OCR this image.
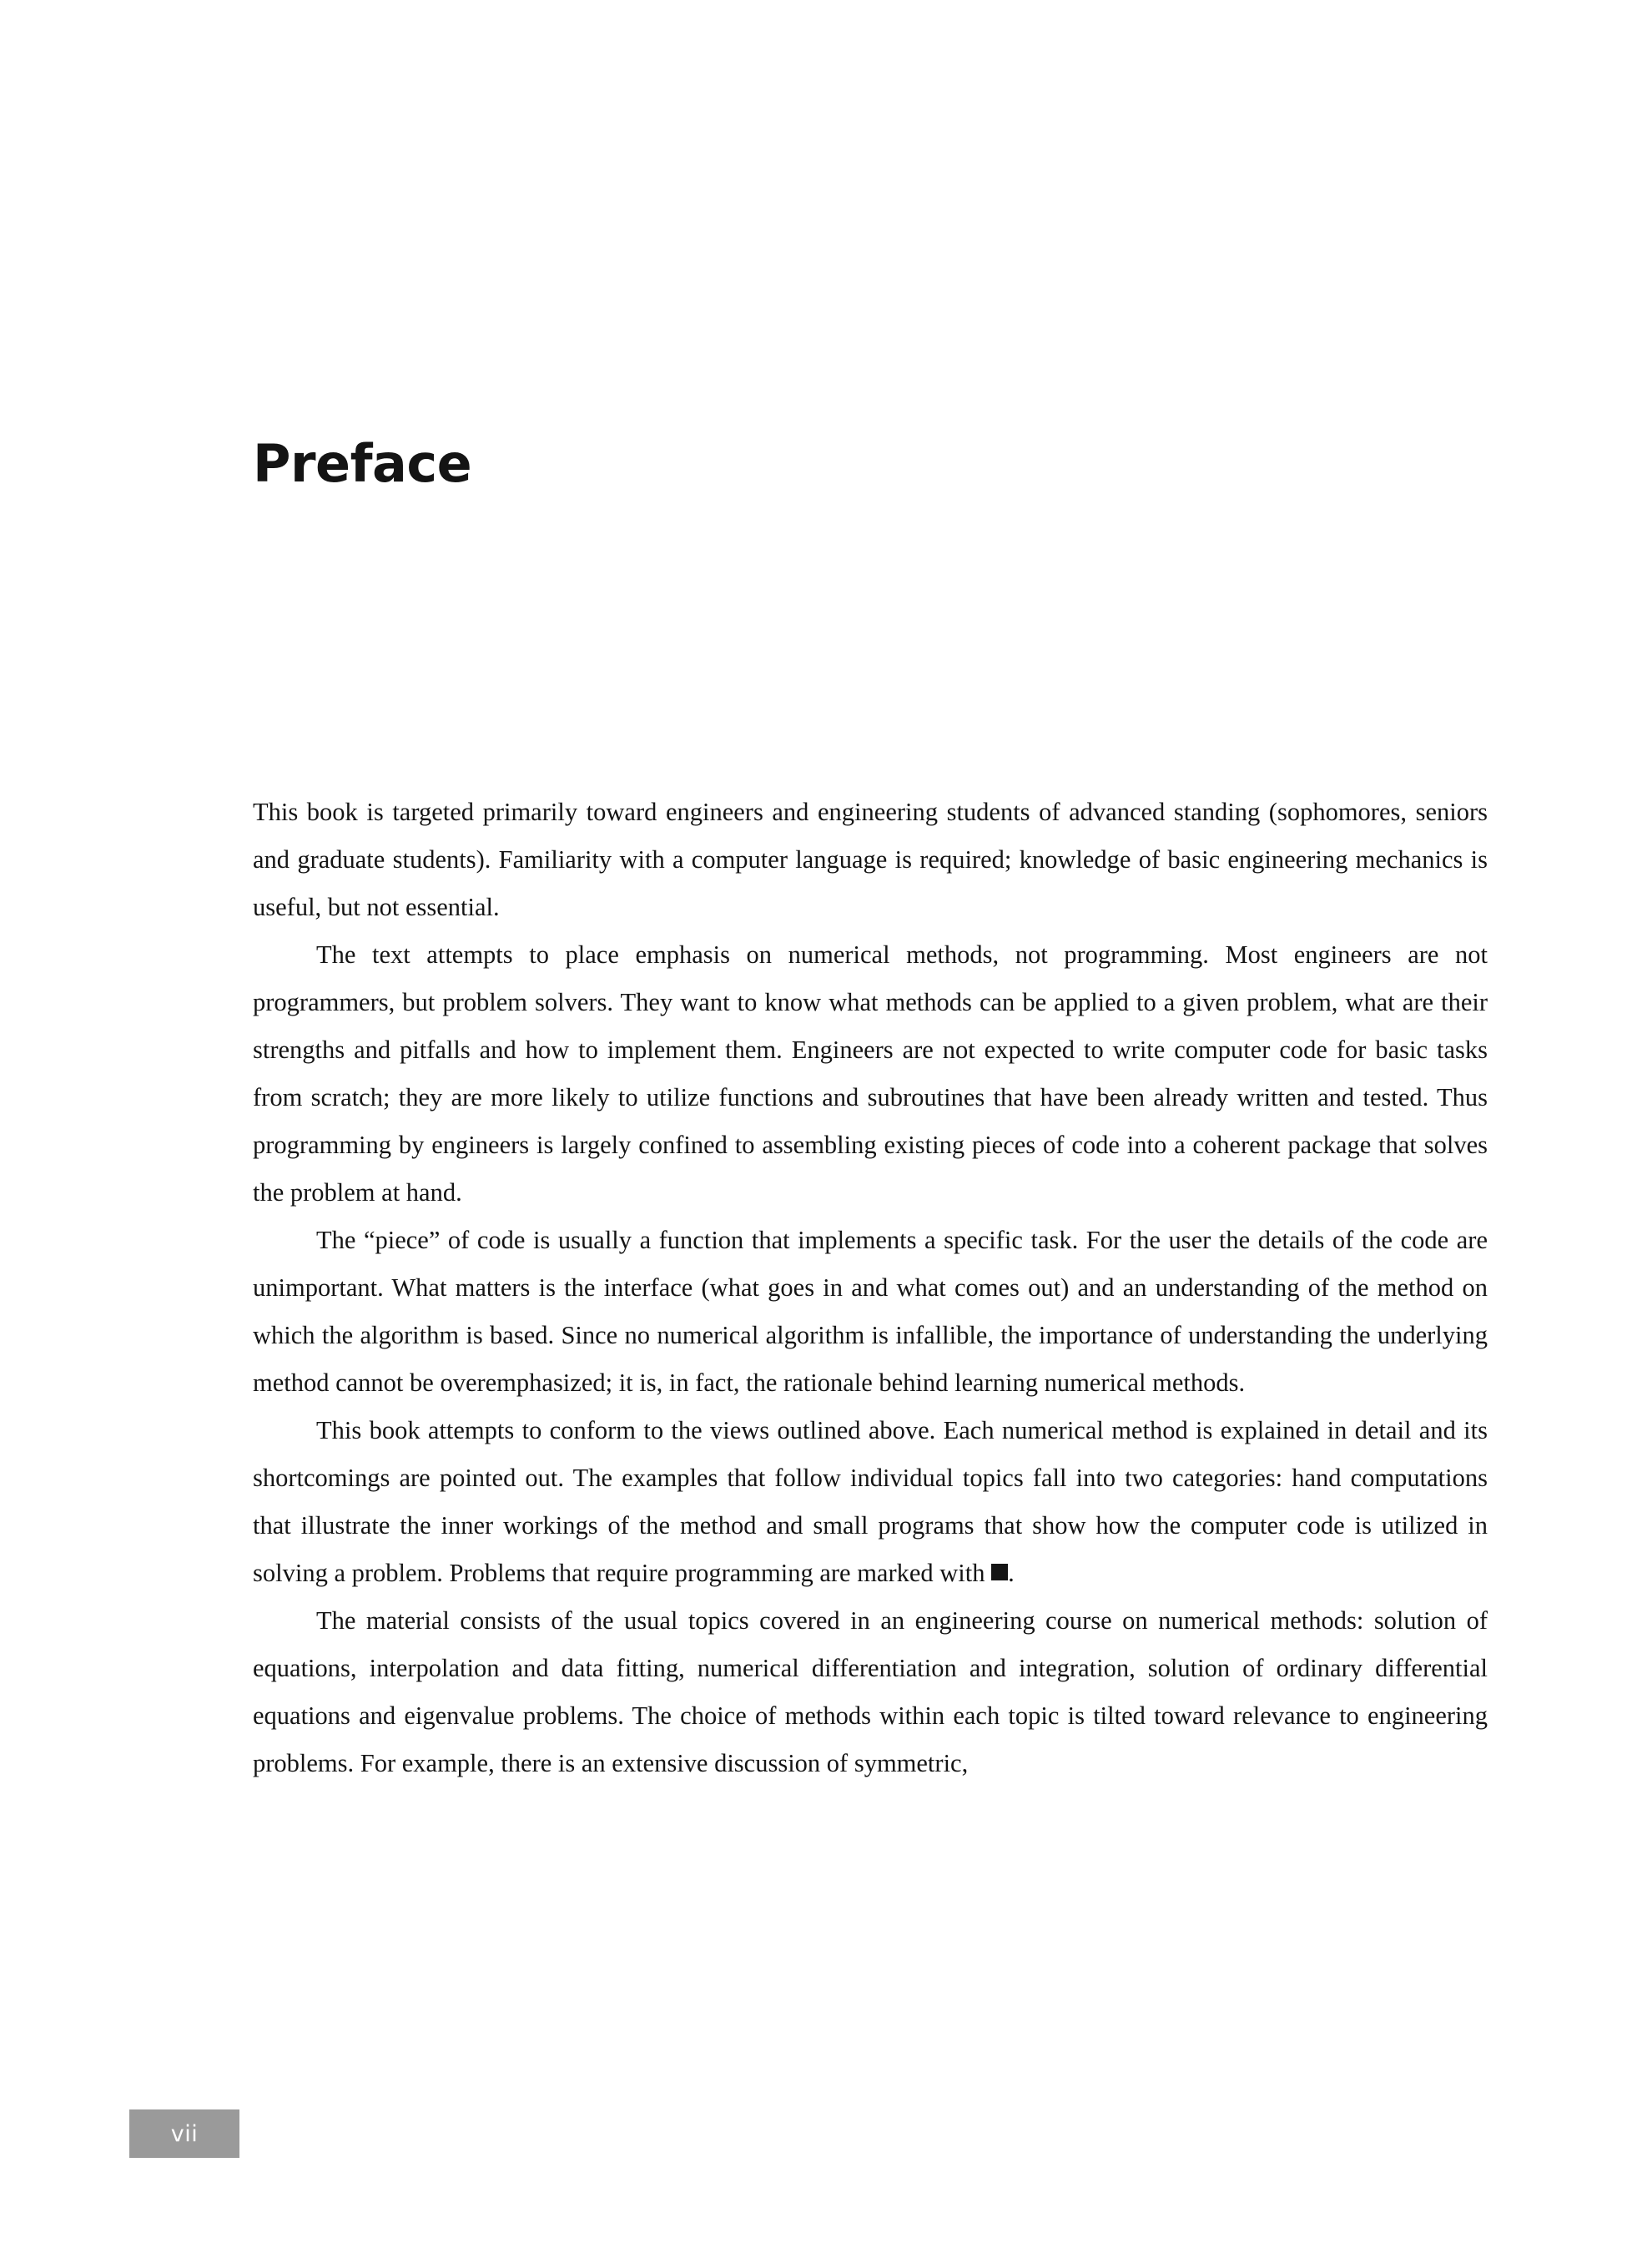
Preface

This book is targeted primarily toward engineers and engineering students of advanced standing (sophomores, seniors and graduate students). Familiarity with a computer language is required; knowledge of basic engineering mechanics is useful, but not essential.

The text attempts to place emphasis on numerical methods, not programming. Most engineers are not programmers, but problem solvers. They want to know what methods can be applied to a given problem, what are their strengths and pitfalls and how to implement them. Engineers are not expected to write computer code for basic tasks from scratch; they are more likely to utilize functions and subroutines that have been already written and tested. Thus programming by engineers is largely confined to assembling existing pieces of code into a coherent package that solves the problem at hand.

The “piece” of code is usually a function that implements a specific task. For the user the details of the code are unimportant. What matters is the interface (what goes in and what comes out) and an understanding of the method on which the algorithm is based. Since no numerical algorithm is infallible, the importance of understanding the underlying method cannot be overemphasized; it is, in fact, the rationale behind learning numerical methods.

This book attempts to conform to the views outlined above. Each numerical method is explained in detail and its shortcomings are pointed out. The examples that follow individual topics fall into two categories: hand computations that illustrate the inner workings of the method and small programs that show how the computer code is utilized in solving a problem. Problems that require programming are marked with .

The material consists of the usual topics covered in an engineering course on numerical methods: solution of equations, interpolation and data fitting, numerical differentiation and integration, solution of ordinary differential equations and eigenvalue problems. The choice of methods within each topic is tilted toward relevance to engineering problems. For example, there is an extensive discussion of symmetric,

vii
